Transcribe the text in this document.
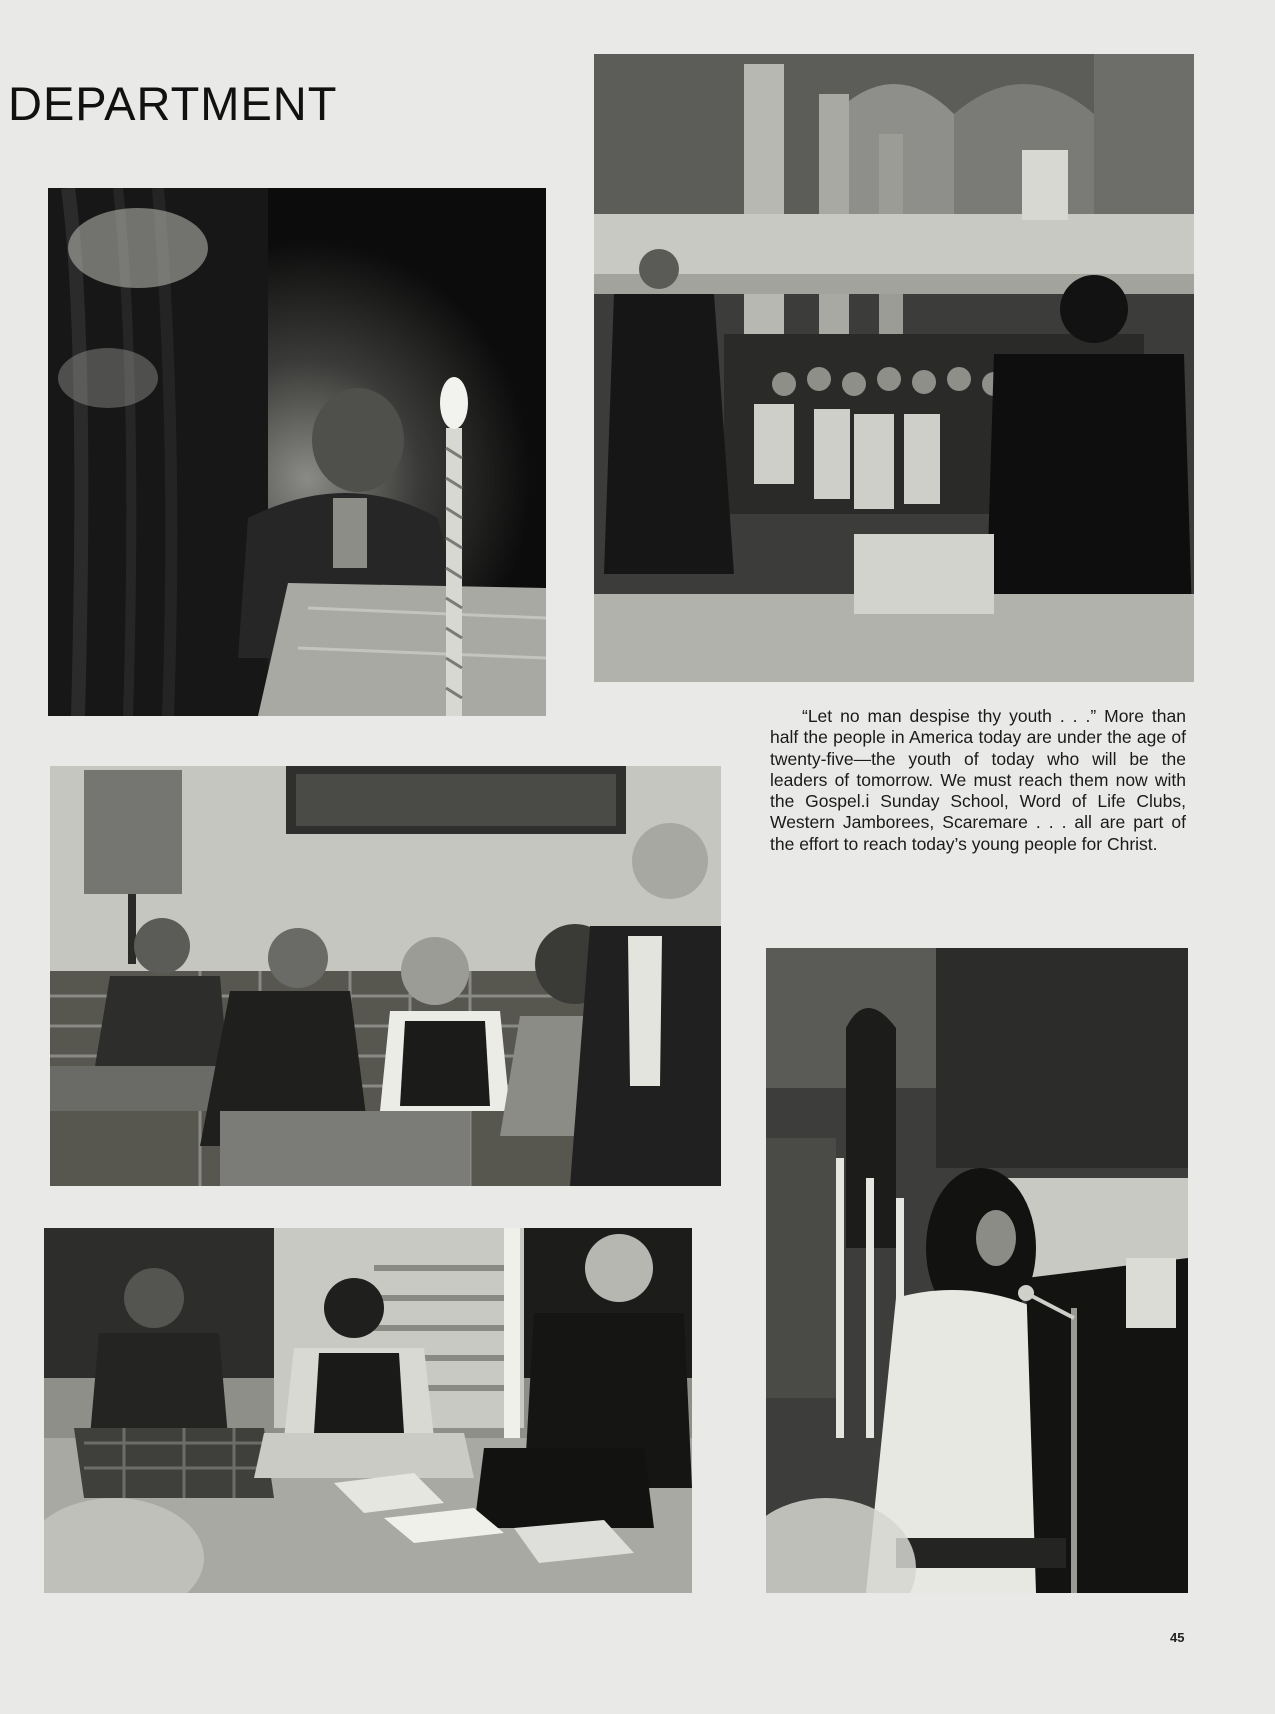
DEPARTMENT

“Let no man despise thy youth . . .” More than half the people in America today are under the age of twenty-five—the youth of today who will be the leaders of tomorrow. We must reach them now with the Gospel.i Sunday School, Word of Life Clubs, Western Jamborees, Scaremare . . . all are part of the effort to reach today’s young people for Christ.

45
